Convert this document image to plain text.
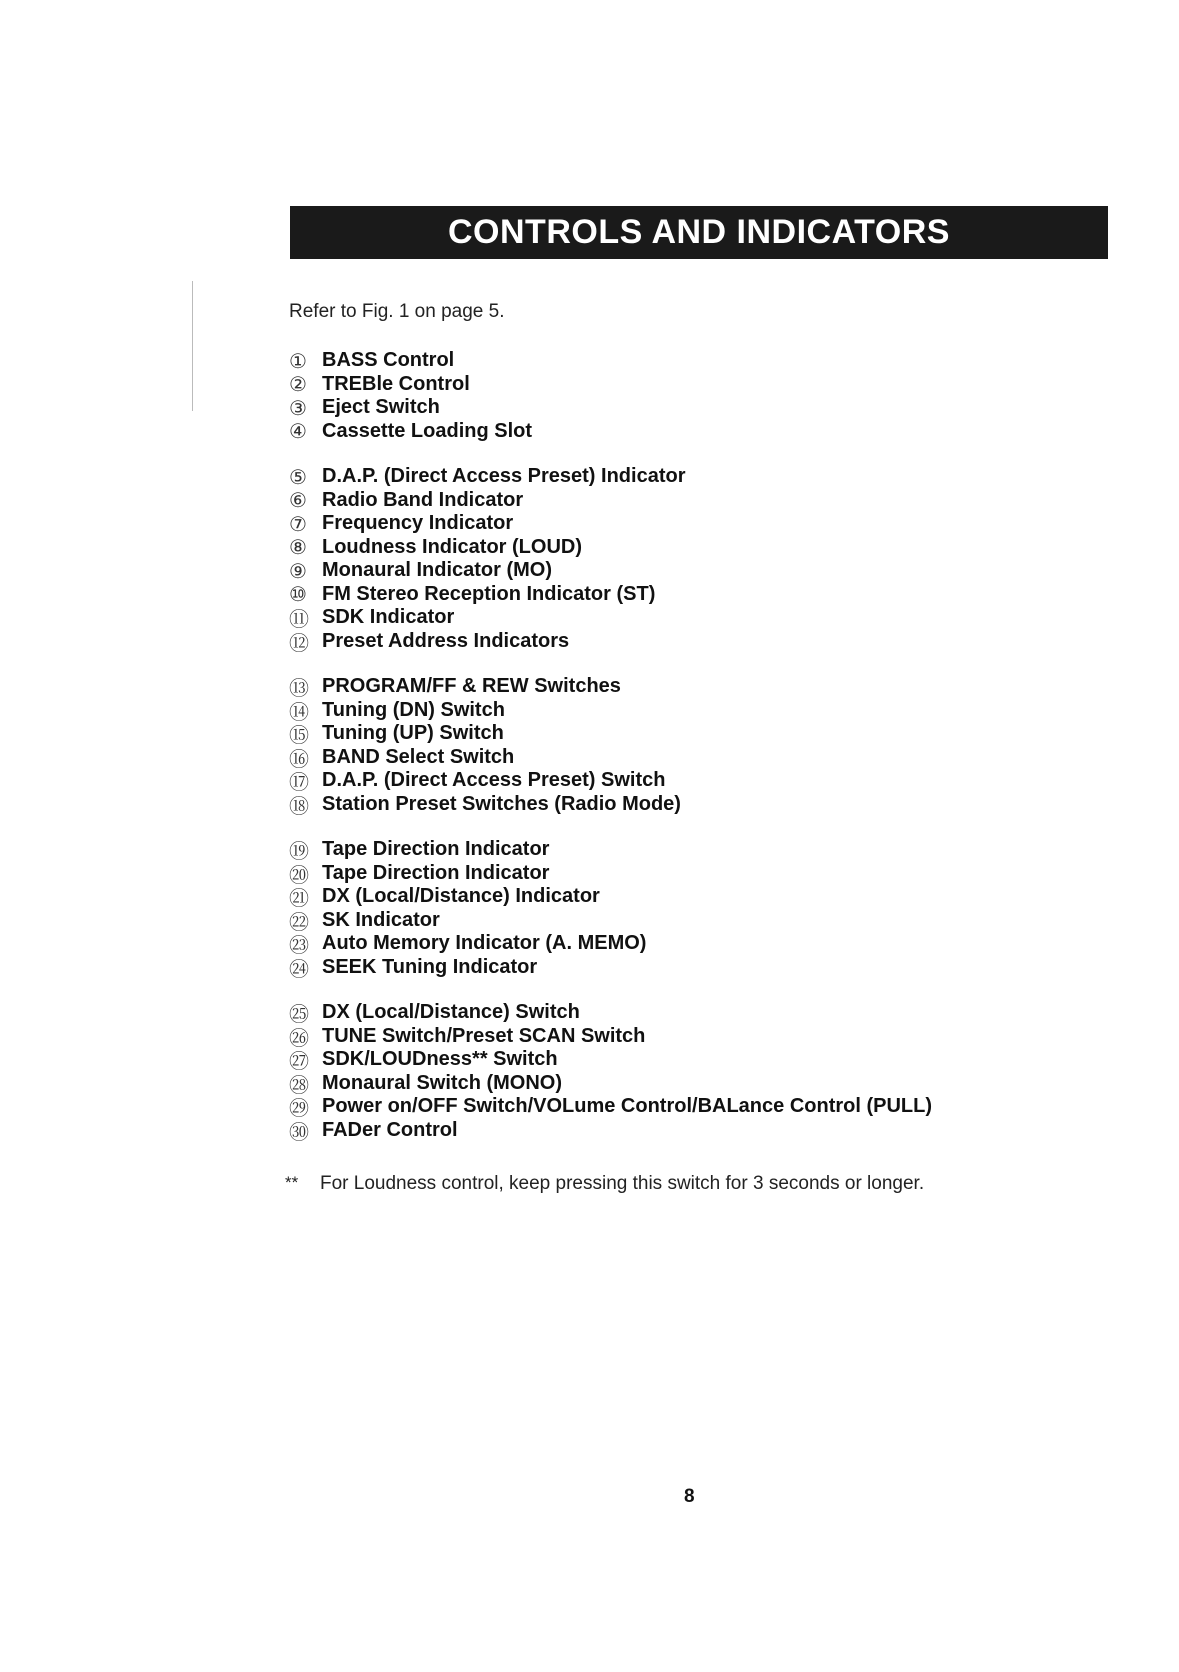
CONTROLS AND INDICATORS
Refer to Fig. 1 on page 5.
① BASS Control
② TREBle Control
③ Eject Switch
④ Cassette Loading Slot
⑤ D.A.P. (Direct Access Preset) Indicator
⑥ Radio Band Indicator
⑦ Frequency Indicator
⑧ Loudness Indicator (LOUD)
⑨ Monaural Indicator (MO)
⑩ FM Stereo Reception Indicator (ST)
⑪ SDK Indicator
⑫ Preset Address Indicators
⑬ PROGRAM/FF & REW Switches
⑭ Tuning (DN) Switch
⑮ Tuning (UP) Switch
⑯ BAND Select Switch
⑰ D.A.P. (Direct Access Preset) Switch
⑱ Station Preset Switches (Radio Mode)
⑲ Tape Direction Indicator
⑳ Tape Direction Indicator
㉑ DX (Local/Distance) Indicator
㉒ SK Indicator
㉓ Auto Memory Indicator (A. MEMO)
㉔ SEEK Tuning Indicator
㉕ DX (Local/Distance) Switch
㉖ TUNE Switch/Preset SCAN Switch
㉗ SDK/LOUDness** Switch
㉘ Monaural Switch (MONO)
㉙ Power on/OFF Switch/VOLume Control/BALance Control (PULL)
㉚ FADer Control
**	For Loudness control, keep pressing this switch for 3 seconds or longer.
8
